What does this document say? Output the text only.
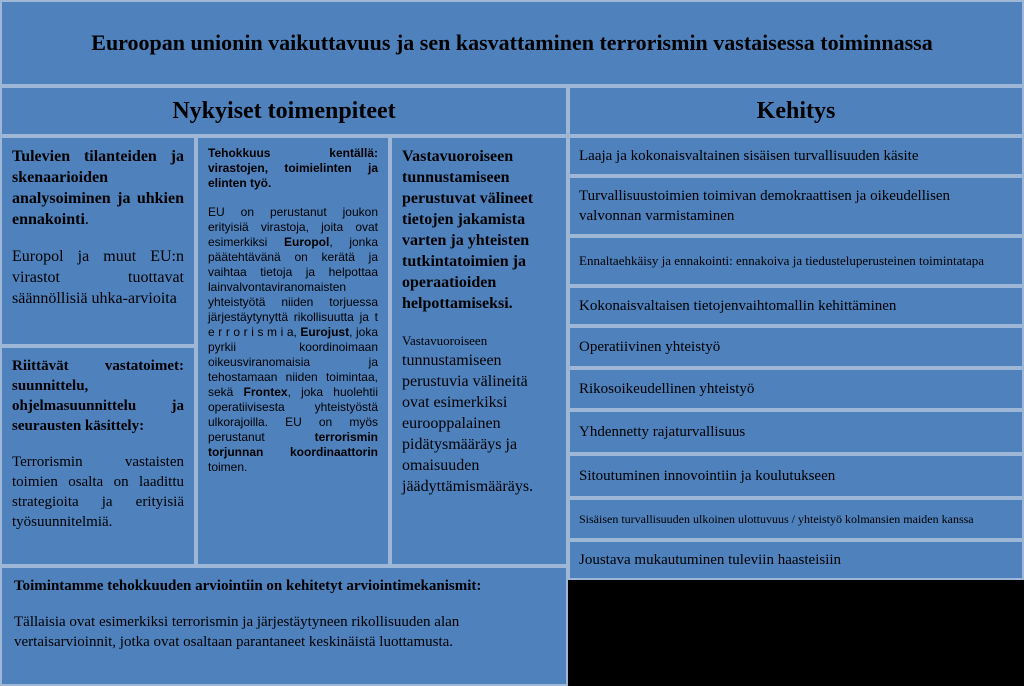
Euroopan unionin vaikuttavuus ja sen kasvattaminen terrorismin vastaisessa toiminnassa
Nykyiset toimenpiteet	Kehitys

Tulevien tilanteiden ja skenaarioiden analysoiminen ja uhkien ennakointi.

Europol ja muut EU:n virastot tuottavat säännöllisiä uhka-arvioita

Riittävät vastatoimet: suunnittelu, ohjelmasuunnittelu ja seurausten käsittely:

Terrorismin vastaisten toimien osalta on laadittu strategioita ja erityisiä työsuunnitelmiä.

Tehokkuus kentällä: virastojen, toimielinten ja elinten työ.

EU on perustanut joukon erityisiä virastoja, joita ovat esimerkiksi Europol, jonka päätehtävänä on kerätä ja vaihtaa tietoja ja helpottaa lainvalvontaviranomaisten yhteistyötä niiden torjuessa järjestäytynyttä rikollisuutta ja t e r r o r i s m i a, Eurojust, joka pyrkii koordinoimaan oikeusviranomaisia ja tehostamaan niiden toimintaa, sekä Frontex, joka huolehtii operatiivisesta yhteistyöstä ulkorajoilla. EU on myös perustanut terrorismin torjunnan koordinaattorin toimen.

Vastavuoroiseen tunnustamiseen perustuvat välineet tietojen jakamista varten ja yhteisten tutkintatoimien ja operaatioiden helpottamiseksi.

Vastavuoroiseen

tunnustamiseen perustuvia välineitä ovat esimerkiksi eurooppalainen pidätysmääräys ja omaisuuden jäädyttämismääräys.

Toimintamme tehokkuuden arviointiin on kehitetyt arviointimekanismit:

Tällaisia ovat esimerkiksi terrorismin ja järjestäytyneen rikollisuuden alan vertaisarvioinnit, jotka ovat osaltaan parantaneet keskinäistä luottamusta.

Laaja ja kokonaisvaltainen sisäisen turvallisuuden käsite
Turvallisuustoimien toimivan demokraattisen ja oikeudellisen valvonnan varmistaminen
Ennaltaehkäisy ja ennakointi: ennakoiva ja tiedusteluperusteinen toimintatapa
Kokonaisvaltaisen tietojenvaihtomallin kehittäminen
Operatiivinen yhteistyö
Rikosoikeudellinen yhteistyö
Yhdennetty rajaturvallisuus
Sitoutuminen innovointiin ja koulutukseen
Sisäisen turvallisuuden ulkoinen ulottuvuus / yhteistyö kolmansien maiden kanssa
Joustava mukautuminen tuleviin haasteisiin
